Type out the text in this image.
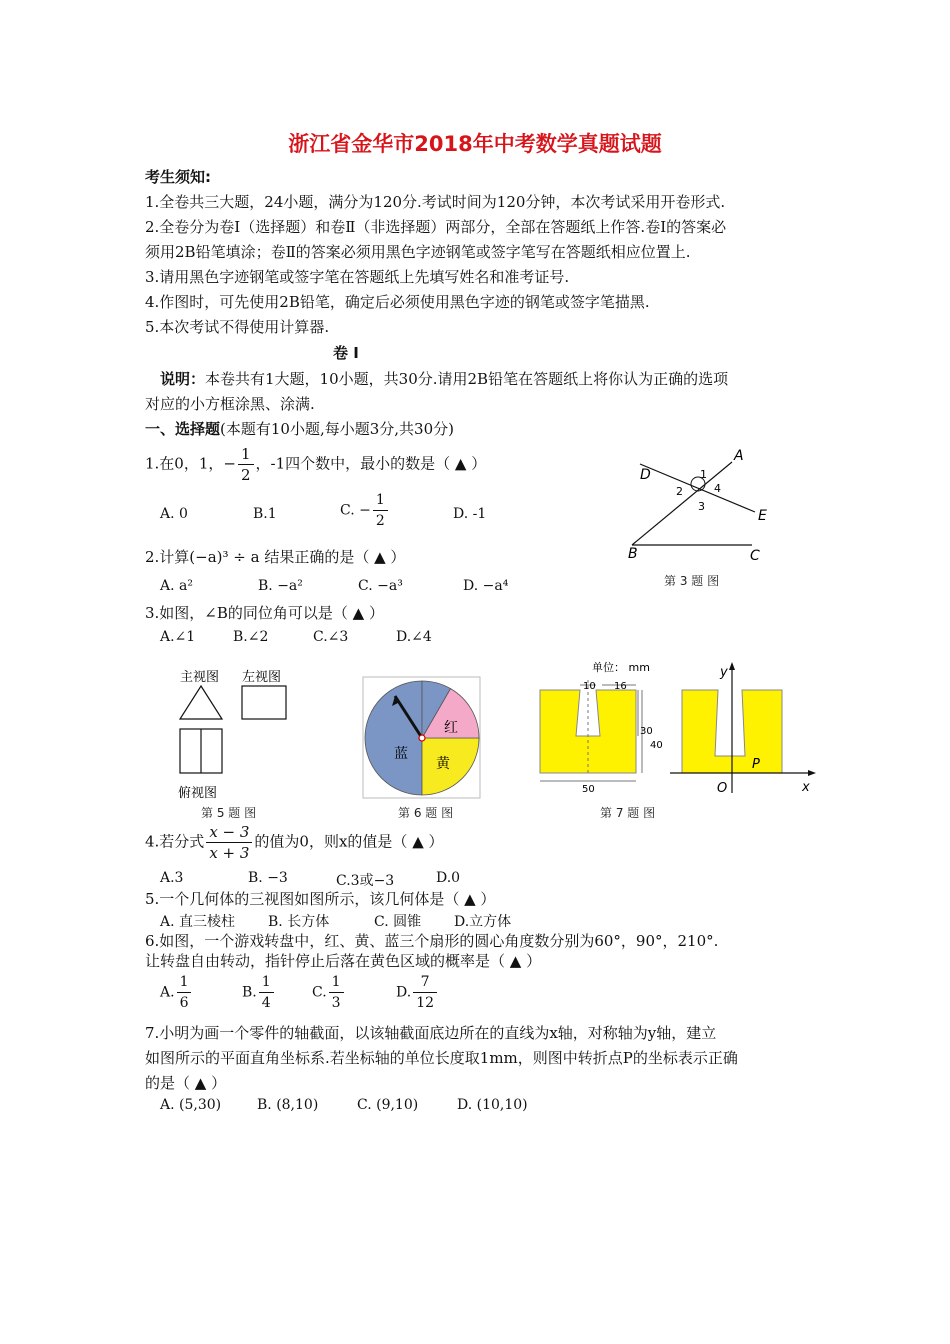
浙江省金华市2018年中考数学真题试题
考生须知:
1.全卷共三大题，24小题，满分为120分.考试时间为120分钟，本次考试采用开卷形式.
2.全卷分为卷Ⅰ（选择题）和卷Ⅱ（非选择题）两部分，全部在答题纸上作答.卷Ⅰ的答案必
须用2B铅笔填涂；卷Ⅱ的答案必须用黑色字迹钢笔或签字笔写在答题纸相应位置上.
3.请用黑色字迹钢笔或签字笔在答题纸上先填写姓名和准考证号.
4.作图时，可先使用2B铅笔，确定后必须使用黑色字迹的钢笔或签字笔描黑.
5.本次考试不得使用计算器.
卷 Ⅰ
说明：本卷共有1大题，10小题，共30分.请用2B铅笔在答题纸上将你认为正确的选项
对应的小方框涂黑、涂满.
一、选择题(本题有10小题,每小题3分,共30分)
1.在0，1，− $\frac{1}{2}$ ，-1四个数中，最小的数是（ ▲ ）
A. 0	B.1	C. − $\frac{1}{2}$	D. -1
2.计算(−a)³ ÷ a 结果正确的是（ ▲ ）
A. a²	B. −a²	C. −a³	D. −a⁴
3.如图，∠B的同位角可以是（ ▲ ）
A.∠1	B.∠2	C.∠3	D.∠4
A
D
E
B	C
1
2
3
4
第 3 题 图
主视图 左视图
俯视图
第 5 题 图
红
蓝
黄
第 6 题 图
单位： mm
10 16
30
40
50
y
x
O
P
第 7 题 图
4.若分式 $\frac{x - 3}{x + 3}$ 的值为0，则x的值是（ ▲ ）
A.3	B. −3	C.3或−3	D.0
5.一个几何体的三视图如图所示，该几何体是（ ▲ ）
A. 直三棱柱 B. 长方体	C. 圆锥 D.立方体
6.如图，一个游戏转盘中，红、黄、蓝三个扇形的圆心角度数分别为60°，90°，210°.
让转盘自由转动，指针停止后落在黄色区域的概率是（ ▲ ）
A. $\frac{1}{6}$	B. $\frac{1}{4}$	C. $\frac{1}{3}$	D. $\frac{7}{12}$
7.小明为画一个零件的轴截面，以该轴截面底边所在的直线为x轴，对称轴为y轴，建立
如图所示的平面直角坐标系.若坐标轴的单位长度取1mm，则图中转折点P的坐标表示正确
的是（ ▲ ）
A. (5,30)	B. (8,10)	C. (9,10)	D. (10,10)
